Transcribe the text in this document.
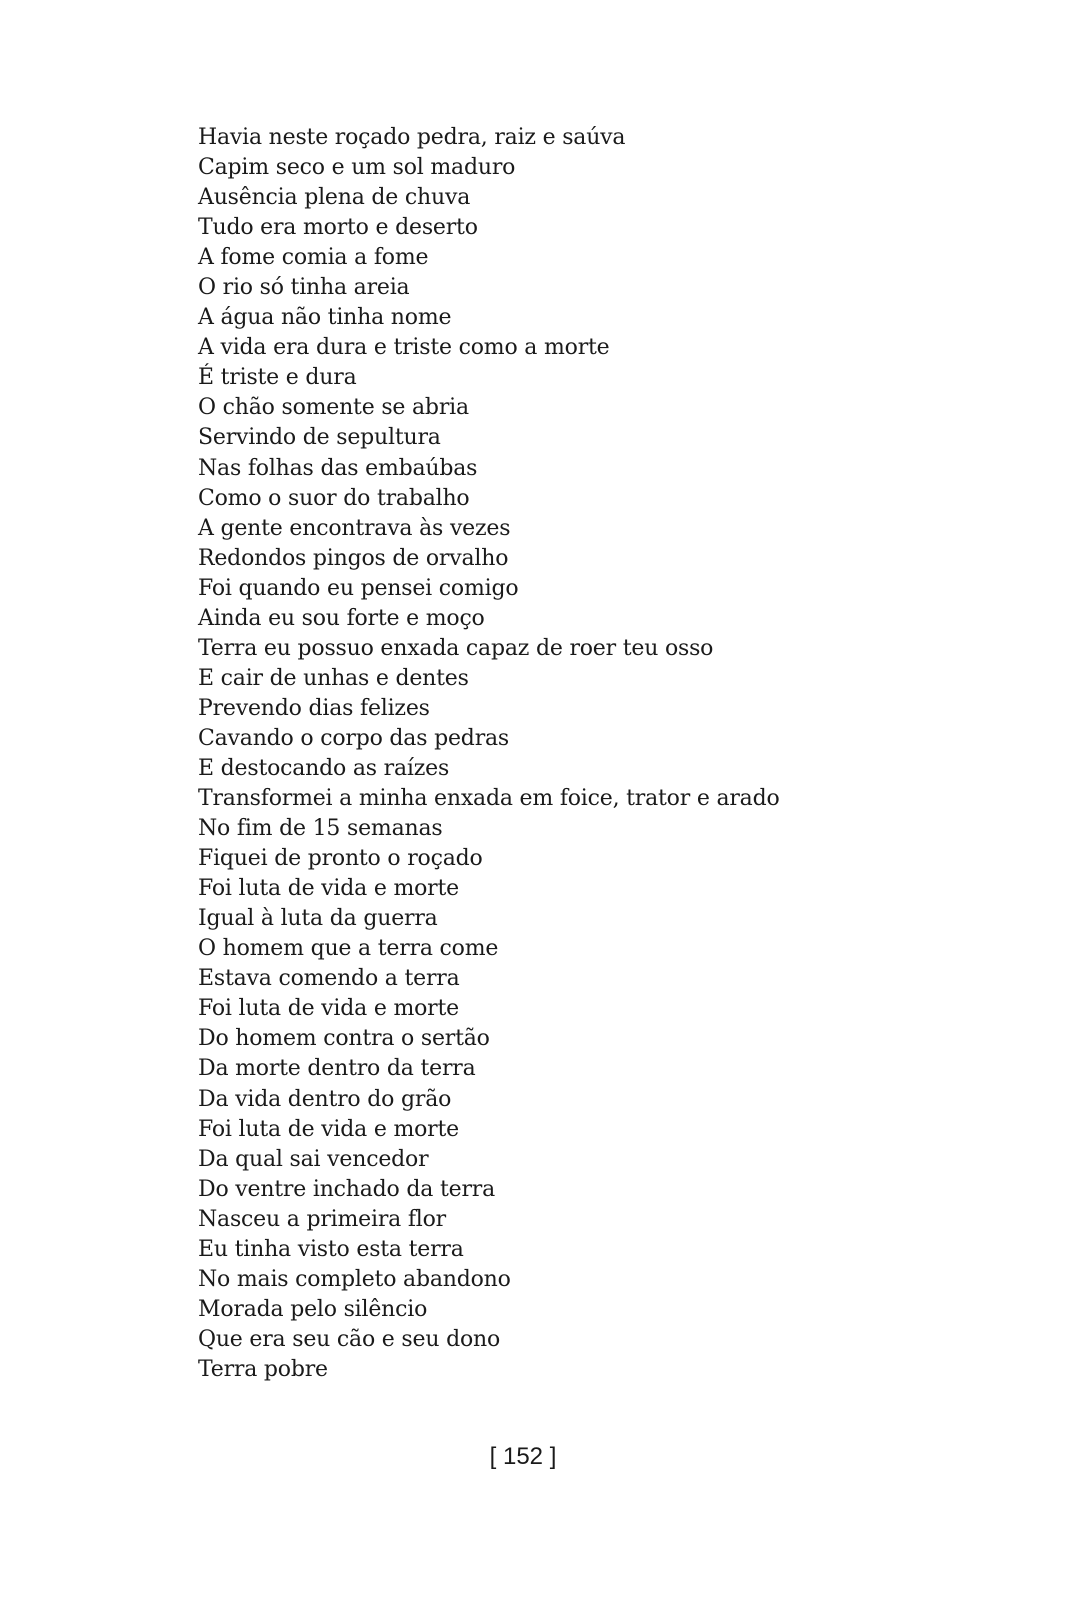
Havia neste roçado pedra, raiz e saúva
Capim seco e um sol maduro
Ausência plena de chuva
Tudo era morto e deserto
A fome comia a fome
O rio só tinha areia
A água não tinha nome
A vida era dura e triste como a morte
É triste e dura
O chão somente se abria
Servindo de sepultura
Nas folhas das embaúbas
Como o suor do trabalho
A gente encontrava às vezes
Redondos pingos de orvalho
Foi quando eu pensei comigo
Ainda eu sou forte e moço
Terra eu possuo enxada capaz de roer teu osso
E cair de unhas e dentes
Prevendo dias felizes
Cavando o corpo das pedras
E destocando as raízes
Transformei a minha enxada em foice, trator e arado
No fim de 15 semanas
Fiquei de pronto o roçado
Foi luta de vida e morte
Igual à luta da guerra
O homem que a terra come
Estava comendo a terra
Foi luta de vida e morte
Do homem contra o sertão
Da morte dentro da terra
Da vida dentro do grão
Foi luta de vida e morte
Da qual sai vencedor
Do ventre inchado da terra
Nasceu a primeira flor
Eu tinha visto esta terra
No mais completo abandono
Morada pelo silêncio
Que era seu cão e seu dono
Terra pobre
[ 152 ]
